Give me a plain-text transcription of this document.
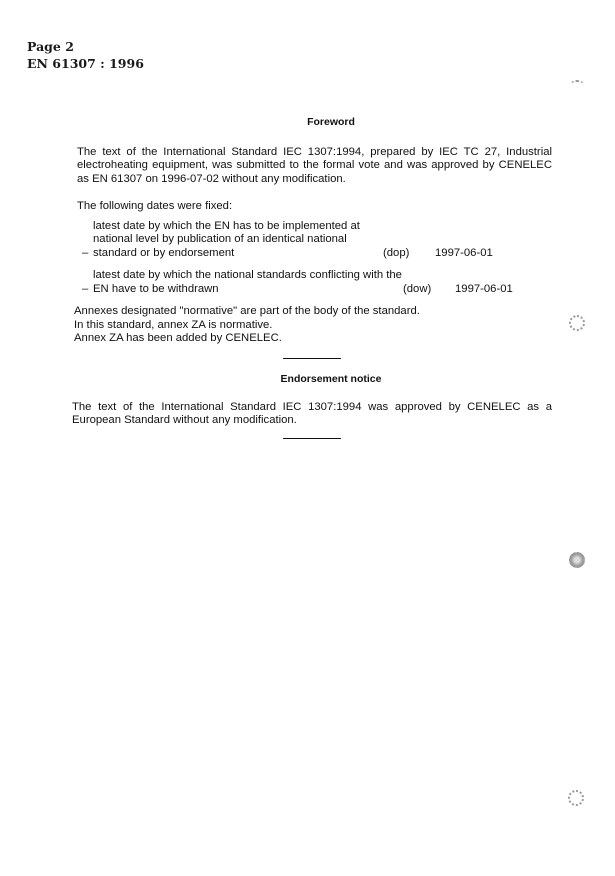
Page 2
EN 61307 : 1996
Foreword

The text of the International Standard IEC 1307:1994, prepared by IEC TC 27, Industrial electroheating equipment, was submitted to the formal vote and was approved by CENELEC as EN 61307 on 1996-07-02 without any modification.

The following dates were fixed:

–
latest date by which the EN has to be implemented at national level by publication of an identical national standard or by endorsement	(dop)	1997-06-01
–
latest date by which the national standards conflicting with the EN have to be withdrawn	(dow)	1997-06-01
Annexes designated "normative" are part of the body of the standard.
In this standard, annex ZA is normative.
Annex ZA has been added by CENELEC.
Endorsement notice

The text of the International Standard IEC 1307:1994 was approved by CENELEC as a European Standard without any modification.
